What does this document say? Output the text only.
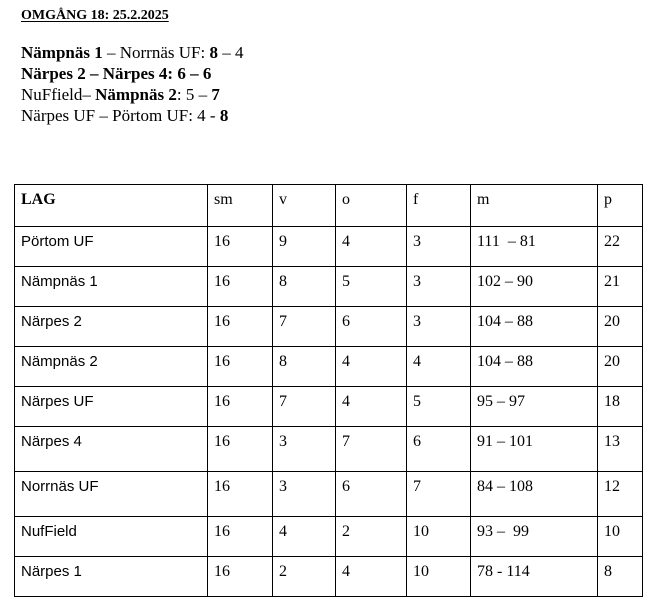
OMGÅNG 18: 25.2.2025
Nämpnäs 1 – Norrnäs UF: 8 – 4
Närpes 2 – Närpes 4: 6 – 6
NuFfield– Nämpnäs 2: 5 – 7
Närpes UF – Pörtom UF: 4 - 8
LAG	sm	v	o	f	m	p
Pörtom UF	16	9	4	3	111  – 81	22
Nämpnäs 1	16	8	5	3	102 – 90	21
Närpes 2	16	7	6	3	104 – 88	20
Nämpnäs 2	16	8	4	4	104 – 88	20
Närpes UF	16	7	4	5	95 – 97	18
Närpes 4	16	3	7	6	91 – 101	13
Norrnäs UF	16	3	6	7	84 – 108	12
NufField	16	4	2	10	93 –  99	10
Närpes 1	16	2	4	10	78 - 114	8
